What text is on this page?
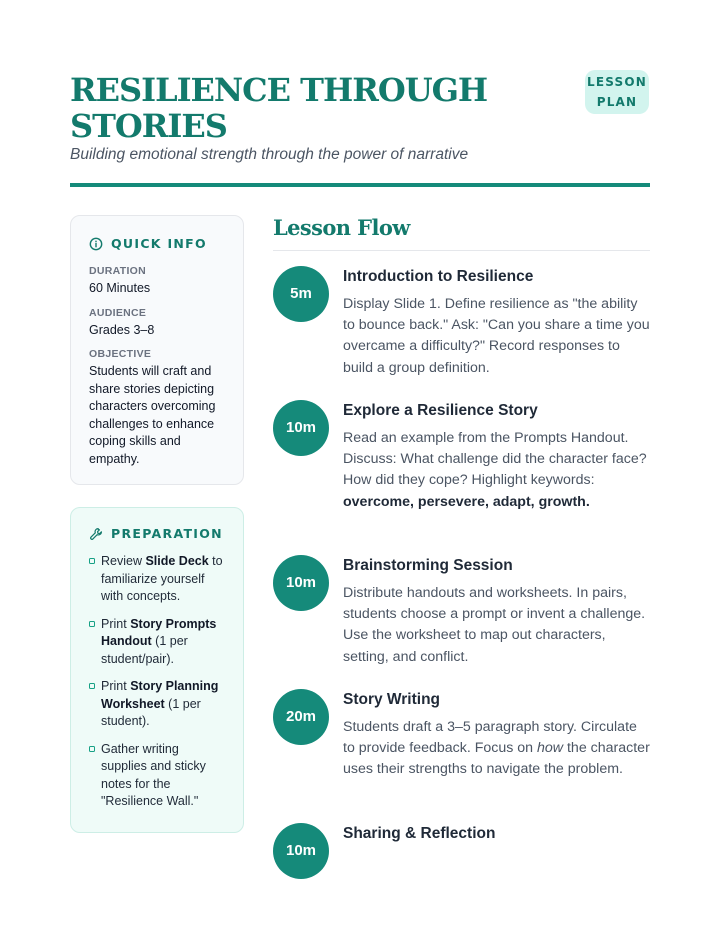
RESILIENCE THROUGH STORIES
LESSON
PLAN
Building emotional strength through the power of narrative
QUICK INFO
DURATION
60 Minutes
AUDIENCE
Grades 3–8
OBJECTIVE
Students will craft and share stories depicting characters overcoming challenges to enhance coping skills and empathy.
PREPARATION
Review Slide Deck to familiarize yourself with concepts.
Print Story Prompts Handout (1 per student/pair).
Print Story Planning Worksheet (1 per student).
Gather writing supplies and sticky notes for the "Resilience Wall."
Lesson Flow
5m
Introduction to Resilience
Display Slide 1. Define resilience as "the ability to bounce back." Ask: "Can you share a time you overcame a difficulty?" Record responses to build a group definition.
10m
Explore a Resilience Story
Read an example from the Prompts Handout. Discuss: What challenge did the character face? How did they cope? Highlight keywords: overcome, persevere, adapt, growth.
10m
Brainstorming Session
Distribute handouts and worksheets. In pairs, students choose a prompt or invent a challenge. Use the worksheet to map out characters, setting, and conflict.
20m
Story Writing
Students draft a 3–5 paragraph story. Circulate to provide feedback. Focus on how the character uses their strengths to navigate the problem.
10m
Sharing & Reflection
